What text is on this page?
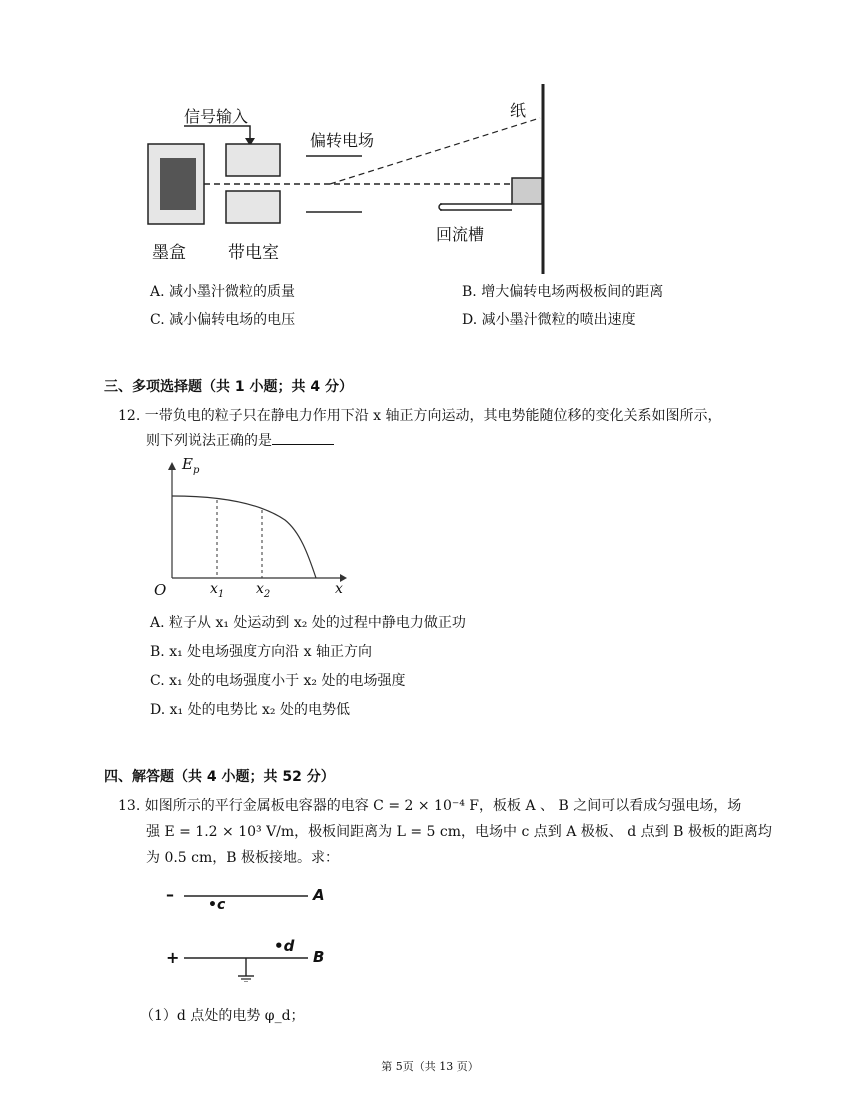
信号输入
偏转电场
纸
墨盒 带电室
回流槽
A. 减小墨汁微粒的质量	B. 增大偏转电场两极板间的距离
C. 减小偏转电场的电压	D. 减小墨汁微粒的喷出速度
三、多项选择题（共 1 小题；共 4 分）
12. 一带负电的粒子只在静电力作用下沿 x 轴正方向运动，其电势能随位移的变化关系如图所示，
则下列说法正确的是
$E_p$
O	$x_1$ $x_2$	x
A. 粒子从 x₁ 处运动到 x₂ 处的过程中静电力做正功
B. x₁ 处电场强度方向沿 x 轴正方向
C. x₁ 处的电场强度小于 x₂ 处的电场强度
D. x₁ 处的电势比 x₂ 处的电势低
四、解答题（共 4 小题；共 52 分）
13. 如图所示的平行金属板电容器的电容 C = 2 × 10⁻⁴ F，板板 A 、 B 之间可以看成匀强电场，场
强 E = 1.2 × 10³ V/m，极板间距离为 L = 5 cm，电场中 c 点到 A 极板、 d 点到 B 极板的距离均
为 0.5 cm，B 极板接地。求：
–	A
•c
+
•d
B
（1）d 点处的电势 φ_d；
第 5页（共 13 页）
